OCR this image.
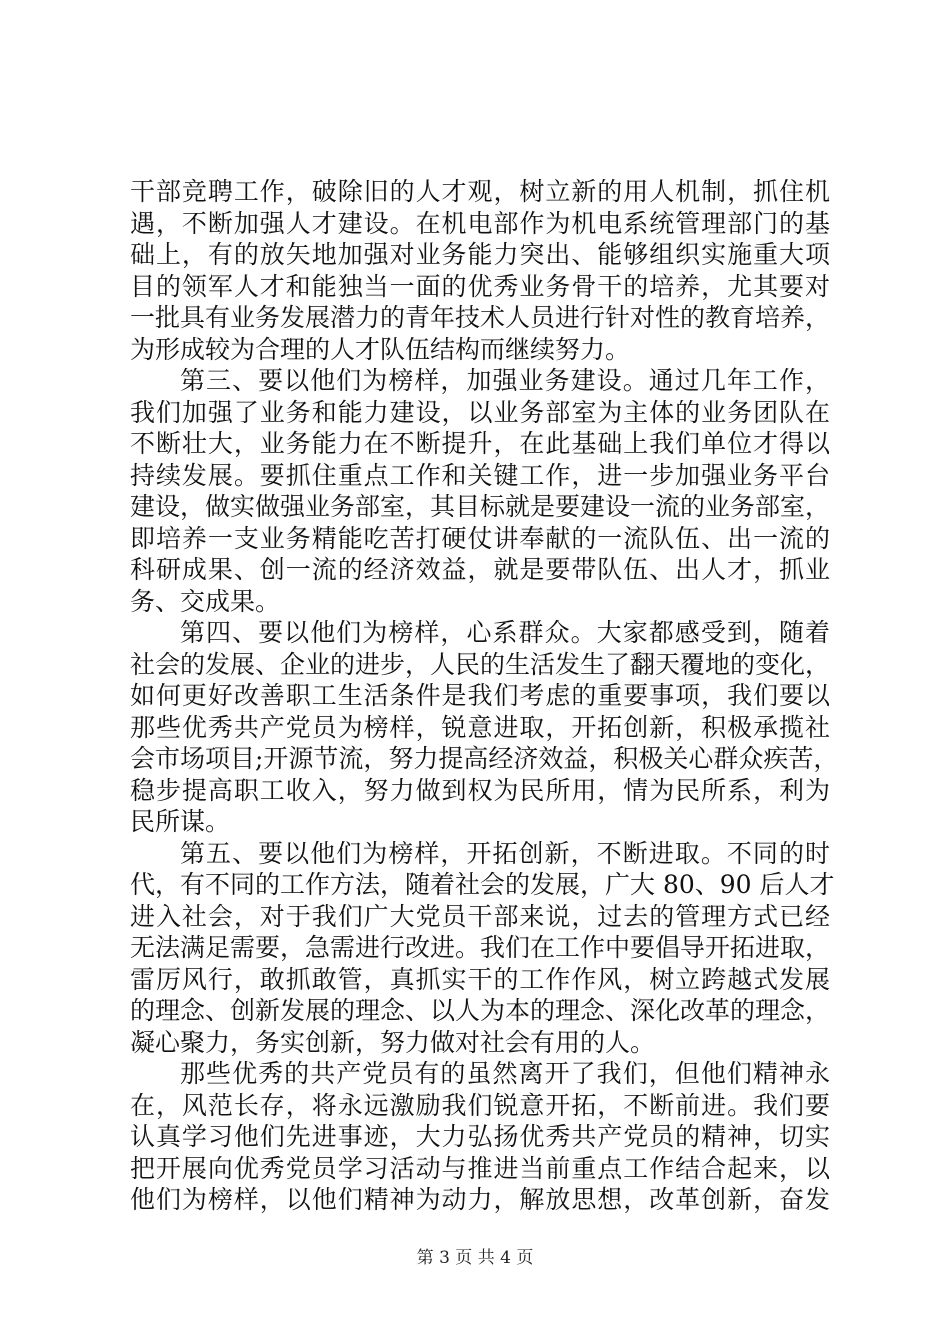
干部竞聘工作，破除旧的人才观，树立新的用人机制，抓住机
遇，不断加强人才建设。在机电部作为机电系统管理部门的基
础上，有的放矢地加强对业务能力突出、能够组织实施重大项
目的领军人才和能独当一面的优秀业务骨干的培养，尤其要对
一批具有业务发展潜力的青年技术人员进行针对性的教育培养，
为形成较为合理的人才队伍结构而继续努力。
第三、要以他们为榜样，加强业务建设。通过几年工作，
我们加强了业务和能力建设，以业务部室为主体的业务团队在
不断壮大，业务能力在不断提升，在此基础上我们单位才得以
持续发展。要抓住重点工作和关键工作，进一步加强业务平台
建设，做实做强业务部室，其目标就是要建设一流的业务部室，
即培养一支业务精能吃苦打硬仗讲奉献的一流队伍、出一流的
科研成果、创一流的经济效益，就是要带队伍、出人才，抓业
务、交成果。
第四、要以他们为榜样，心系群众。大家都感受到，随着
社会的发展、企业的进步，人民的生活发生了翻天覆地的变化，
如何更好改善职工生活条件是我们考虑的重要事项，我们要以
那些优秀共产党员为榜样，锐意进取，开拓创新，积极承揽社
会市场项目;开源节流，努力提高经济效益，积极关心群众疾苦，
稳步提高职工收入，努力做到权为民所用，情为民所系，利为
民所谋。
第五、要以他们为榜样，开拓创新，不断进取。不同的时
代，有不同的工作方法，随着社会的发展，广大 80、90 后人才
进入社会，对于我们广大党员干部来说，过去的管理方式已经
无法满足需要，急需进行改进。我们在工作中要倡导开拓进取，
雷厉风行，敢抓敢管，真抓实干的工作作风，树立跨越式发展
的理念、创新发展的理念、以人为本的理念、深化改革的理念，
凝心聚力，务实创新，努力做对社会有用的人。
那些优秀的共产党员有的虽然离开了我们，但他们精神永
在，风范长存，将永远激励我们锐意开拓，不断前进。我们要
认真学习他们先进事迹，大力弘扬优秀共产党员的精神，切实
把开展向优秀党员学习活动与推进当前重点工作结合起来，以
他们为榜样，以他们精神为动力，解放思想，改革创新，奋发
第 3 页 共 4 页
